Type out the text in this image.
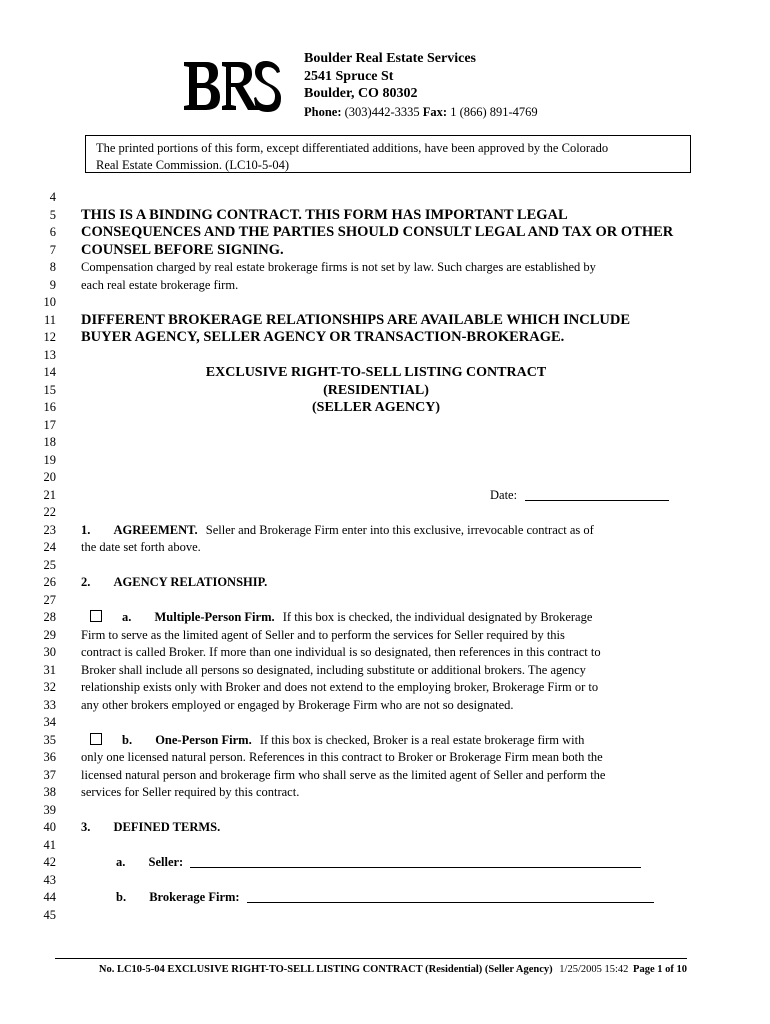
Boulder Real Estate Services
2541 Spruce St
Boulder, CO 80302
Phone: (303)442-3335 Fax: 1 (866) 891-4769
The printed portions of this form, except differentiated additions, have been approved by the Colorado
Real Estate Commission. (LC10-5-04)
4
5
6
7
8
9
10
11
12
13
14
15
16
17
18
19
20
21
22
23
24
25
26
27
28
29
30
31
32
33
34
35
36
37
38
39
40
41
42
43
44
45
THIS IS A BINDING CONTRACT. THIS FORM HAS IMPORTANT LEGAL
CONSEQUENCES AND THE PARTIES SHOULD CONSULT LEGAL AND TAX OR OTHER
COUNSEL BEFORE SIGNING.
Compensation charged by real estate brokerage firms is not set by law. Such charges are established by
each real estate brokerage firm.
DIFFERENT BROKERAGE RELATIONSHIPS ARE AVAILABLE WHICH INCLUDE
BUYER AGENCY, SELLER AGENCY OR TRANSACTION-BROKERAGE.
EXCLUSIVE RIGHT-TO-SELL LISTING CONTRACT
(RESIDENTIAL)
(SELLER AGENCY)
Date:
1. AGREEMENT. Seller and Brokerage Firm enter into this exclusive, irrevocable contract as of
the date set forth above.
2. AGENCY RELATIONSHIP.
a. Multiple-Person Firm. If this box is checked, the individual designated by Brokerage
Firm to serve as the limited agent of Seller and to perform the services for Seller required by this
contract is called Broker. If more than one individual is so designated, then references in this contract to
Broker shall include all persons so designated, including substitute or additional brokers. The agency
relationship exists only with Broker and does not extend to the employing broker, Brokerage Firm or to
any other brokers employed or engaged by Brokerage Firm who are not so designated.
b. One-Person Firm. If this box is checked, Broker is a real estate brokerage firm with
only one licensed natural person. References in this contract to Broker or Brokerage Firm mean both the
licensed natural person and brokerage firm who shall serve as the limited agent of Seller and perform the
services for Seller required by this contract.
3. DEFINED TERMS.
a. Seller:
b. Brokerage Firm:
No. LC10-5-04 EXCLUSIVE RIGHT-TO-SELL LISTING CONTRACT (Residential) (Seller Agency) 1/25/2005 15:42 Page 1 of 10
